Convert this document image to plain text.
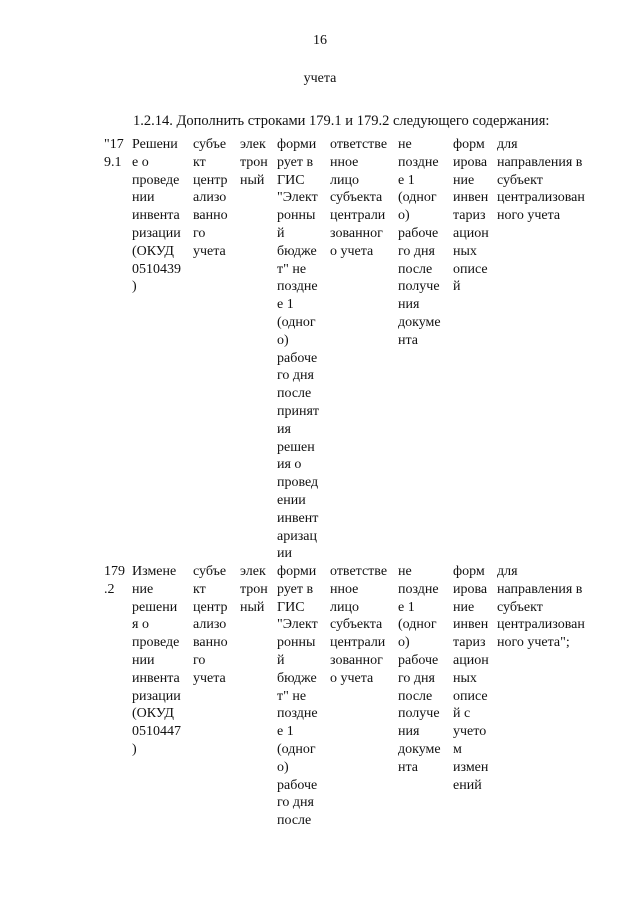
16
учета
1.2.14. Дополнить строками 179.1 и 179.2 следующего содержания:
"17
9.1
Решени
е о
проведе
нии
инвента
ризации
(ОКУД
0510439
)
субъе
кт
центр
ализо
ванно
го
учета
элек
трон
ный
форми
рует в
ГИС
"Элект
ронны
й
бюдже
т" не
поздне
е 1
(одног
о)
рабоче
го дня
после
принят
ия
решен
ия о
провед
ении
инвент
аризац
ии
ответстве
нное
лицо
субъекта
централи
зованног
о учета
не
поздне
е 1
(одног
о)
рабоче
го дня
после
получе
ния
докуме
нта
форм
ирова
ние
инвен
тариз
ацион
ных
описе
й
для
направления в
субъект
централизован
ного учета
179
.2
Измене
ние
решени
я о
проведе
нии
инвента
ризации
(ОКУД
0510447
)
субъе
кт
центр
ализо
ванно
го
учета
элек
трон
ный
форми
рует в
ГИС
"Элект
ронны
й
бюдже
т" не
поздне
е 1
(одног
о)
рабоче
го дня
после
ответстве
нное
лицо
субъекта
централи
зованног
о учета
не
поздне
е 1
(одног
о)
рабоче
го дня
после
получе
ния
докуме
нта
форм
ирова
ние
инвен
тариз
ацион
ных
описе
й с
учето
м
измен
ений
для
направления в
субъект
централизован
ного учета";
